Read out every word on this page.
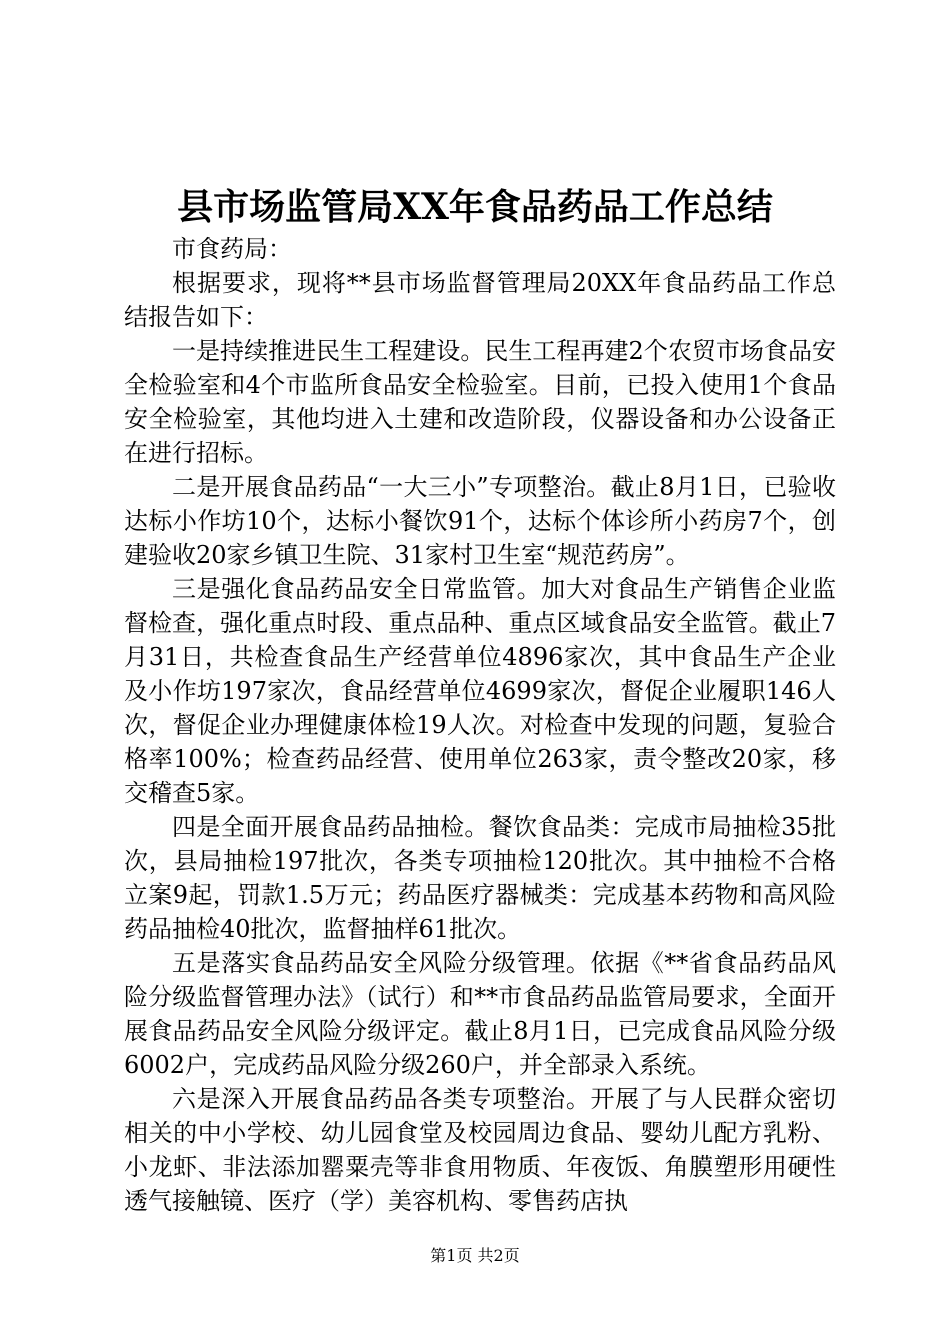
县市场监管局XX年食品药品工作总结

市食药局：

根据要求，现将**县市场监督管理局20XX年食品药品工作总结报告如下：

一是持续推进民生工程建设。民生工程再建2个农贸市场食品安全检验室和4个市监所食品安全检验室。目前，已投入使用1个食品安全检验室，其他均进入土建和改造阶段，仪器设备和办公设备正在进行招标。

二是开展食品药品“一大三小”专项整治。截止8月1日，已验收达标小作坊10个，达标小餐饮91个，达标个体诊所小药房7个，创建验收20家乡镇卫生院、31家村卫生室“规范药房”。

三是强化食品药品安全日常监管。加大对食品生产销售企业监督检查，强化重点时段、重点品种、重点区域食品安全监管。截止7月31日，共检查食品生产经营单位4896家次，其中食品生产企业及小作坊197家次，食品经营单位4699家次，督促企业履职146人次，督促企业办理健康体检19人次。对检查中发现的问题，复验合格率100%；检查药品经营、使用单位263家，责令整改20家，移交稽查5家。

四是全面开展食品药品抽检。餐饮食品类：完成市局抽检35批次，县局抽检197批次，各类专项抽检120批次。其中抽检不合格立案9起，罚款1.5万元；药品医疗器械类：完成基本药物和高风险药品抽检40批次，监督抽样61批次。

五是落实食品药品安全风险分级管理。依据《**省食品药品风险分级监督管理办法》（试行）和**市食品药品监管局要求，全面开展食品药品安全风险分级评定。截止8月1日，已完成食品风险分级6002户，完成药品风险分级260户，并全部录入系统。

六是深入开展食品药品各类专项整治。开展了与人民群众密切相关的中小学校、幼儿园食堂及校园周边食品、婴幼儿配方乳粉、小龙虾、非法添加罂粟壳等非食用物质、年夜饭、角膜塑形用硬性透气接触镜、医疗（学）美容机构、零售药店执

第1页 共2页
